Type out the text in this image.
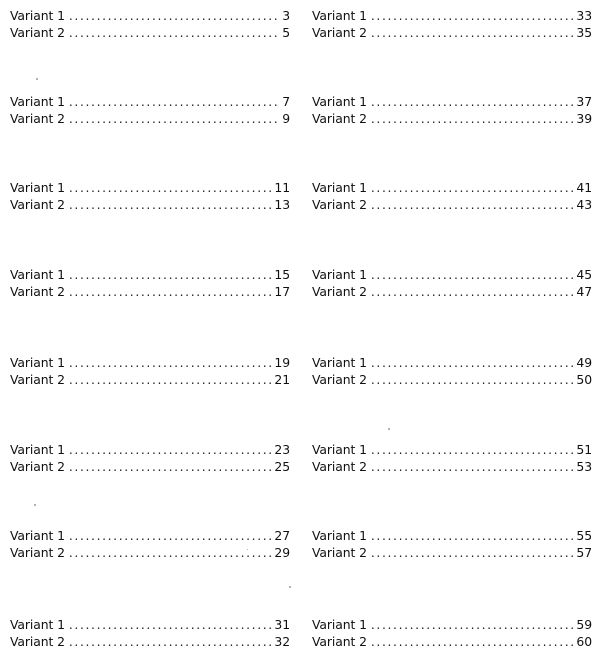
Variant 1 .....	3
Variant 2 .....	5
Variant 1 .....	7
Variant 2 .....	9
Variant 1 .....	11
Variant 2 .....	13
Variant 1 .....	15
Variant 2 .....	17
Variant 1 .....	19
Variant 2 .....	21
Variant 1 .....	23
Variant 2 .....	25
Variant 1 .....	27
Variant 2 .....	29
Variant 1 .....	31
Variant 2 .....	32
Variant 1 .....	33
Variant 2 .....	35
Variant 1 .....	37
Variant 2 .....	39
Variant 1 .....	41
Variant 2 .....	43
Variant 1 .....	45
Variant 2 .....	47
Variant 1 .....	49
Variant 2 .....	50
Variant 1 .....	51
Variant 2 .....	53
Variant 1 .....	55
Variant 2 .....	57
Variant 1 .....	59
Variant 2 .....	60
